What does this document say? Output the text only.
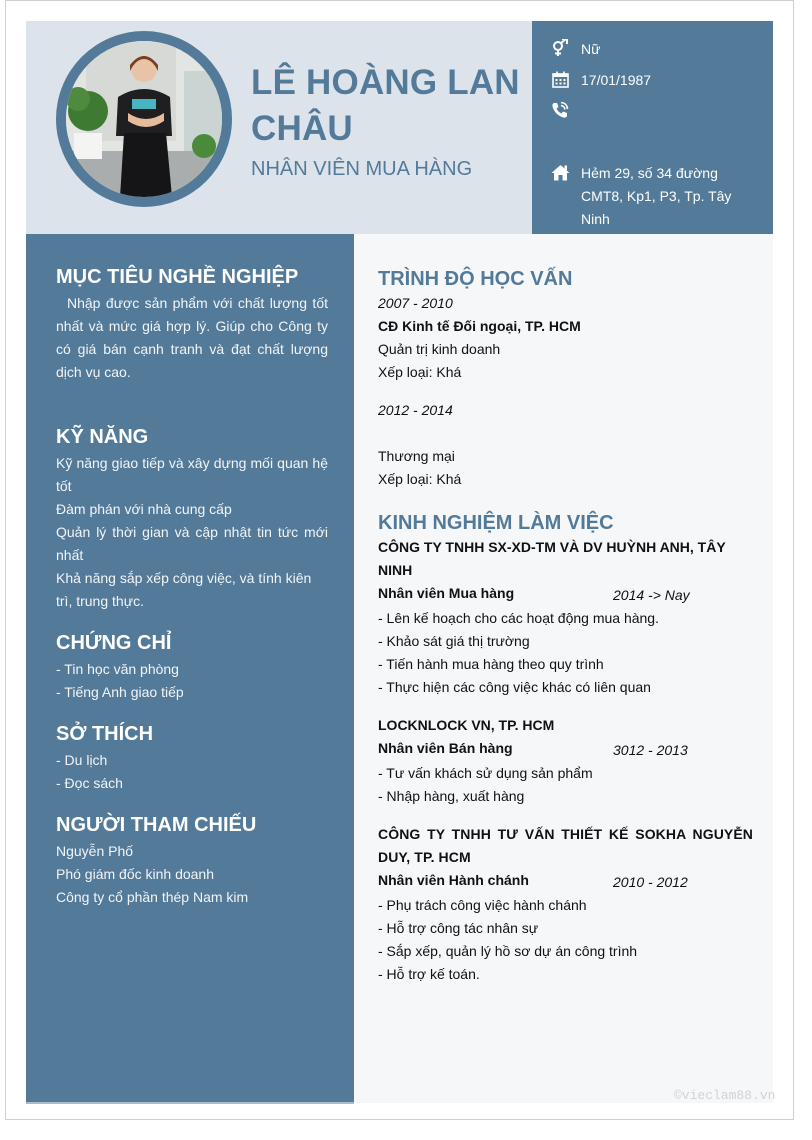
LÊ HOÀNG LAN CHÂU
NHÂN VIÊN MUA HÀNG
Nữ
17/01/1987
Hẻm 29, số 34 đường CMT8, Kp1, P3, Tp. Tây Ninh
MỤC TIÊU NGHỀ NGHIỆP

Nhập được sản phẩm với chất lượng tốt nhất và mức giá hợp lý. Giúp cho Công ty có giá bán cạnh tranh và đạt chất lượng dịch vụ cao.

KỸ NĂNG
Kỹ năng giao tiếp và xây dựng mối quan hệ tốt
Đàm phán với nhà cung cấp
Quản lý thời gian và cập nhật tin tức mới nhất
Khả năng sắp xếp công việc, và tính kiên trì, trung thực.
CHỨNG CHỈ
- Tin học văn phòng
- Tiếng Anh giao tiếp
SỞ THÍCH
- Du lịch
- Đọc sách
NGƯỜI THAM CHIẾU
Nguyễn Phố
Phó giám đốc kinh doanh
Công ty cổ phần thép Nam kim
TRÌNH ĐỘ HỌC VẤN
2007 - 2010
CĐ Kinh tế Đối ngoại, TP. HCM
Quản trị kinh doanh
Xếp loại: Khá
2012 - 2014
Thương mại
Xếp loại: Khá
KINH NGHIỆM LÀM VIỆC
CÔNG TY TNHH SX-XD-TM VÀ DV HUỲNH ANH, TÂY NINH
Nhân viên Mua hàng	2014 -> Nay
- Lên kế hoạch cho các hoạt động mua hàng.
- Khảo sát giá thị trường
- Tiến hành mua hàng theo quy trình
- Thực hiện các công việc khác có liên quan
LOCKNLOCK VN, TP. HCM
Nhân viên Bán hàng	3012 - 2013
- Tư vấn khách sử dụng sản phẩm
- Nhập hàng, xuất hàng
CÔNG TY TNHH TƯ VẤN THIẾT KẾ SOKHA NGUYỄN DUY, TP. HCM
Nhân viên Hành chánh	2010 - 2012
- Phụ trách công việc hành chánh
- Hỗ trợ công tác nhân sự
- Sắp xếp, quản lý hồ sơ dự án công trình
- Hỗ trợ kế toán.
©vieclam88.vn
